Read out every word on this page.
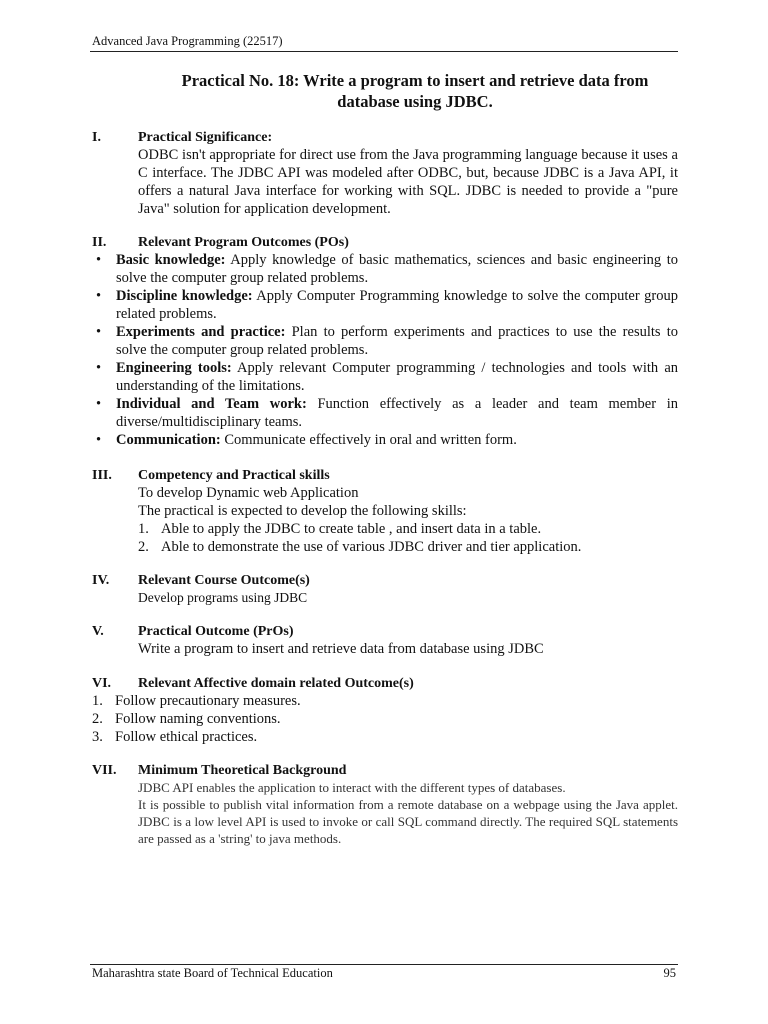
Advanced Java Programming (22517)
Practical No. 18: Write a program to insert and retrieve data from
database using JDBC.
I.	Practical Significance:
ODBC isn't appropriate for direct use from the Java programming language because it uses a C interface. The JDBC API was modeled after ODBC, but, because JDBC is a Java API, it offers a natural Java interface for working with SQL. JDBC is needed to provide a "pure Java" solution for application development.
II. Relevant Program Outcomes (POs)
• Basic knowledge: Apply knowledge of basic mathematics, sciences and basic engineering to solve the computer group related problems.
• Discipline knowledge: Apply Computer Programming knowledge to solve the computer group related problems.
• Experiments and practice: Plan to perform experiments and practices to use the results to solve the computer group related problems.
• Engineering tools: Apply relevant Computer programming / technologies and tools with an understanding of the limitations.
• Individual and Team work: Function effectively as a leader and team member in diverse/multidisciplinary teams.
• Communication: Communicate effectively in oral and written form.
III. Competency and Practical skills
To develop Dynamic web Application
The practical is expected to develop the following skills:
1. Able to apply the JDBC to create table , and insert data in a table.
2. Able to demonstrate the use of various JDBC driver and tier application.
IV. Relevant Course Outcome(s)
Develop programs using JDBC
V. Practical Outcome (PrOs)
Write a program to insert and retrieve data from database using JDBC
VI. Relevant Affective domain related Outcome(s)
1. Follow precautionary measures.
2. Follow naming conventions.
3. Follow ethical practices.
VII. Minimum Theoretical Background
JDBC API enables the application to interact with the different types of databases.
It is possible to publish vital information from a remote database on a webpage using the Java applet. JDBC is a low level API is used to invoke or call SQL command directly. The required SQL statements are passed as a 'string' to java methods.
Maharashtra state Board of Technical Education	95
